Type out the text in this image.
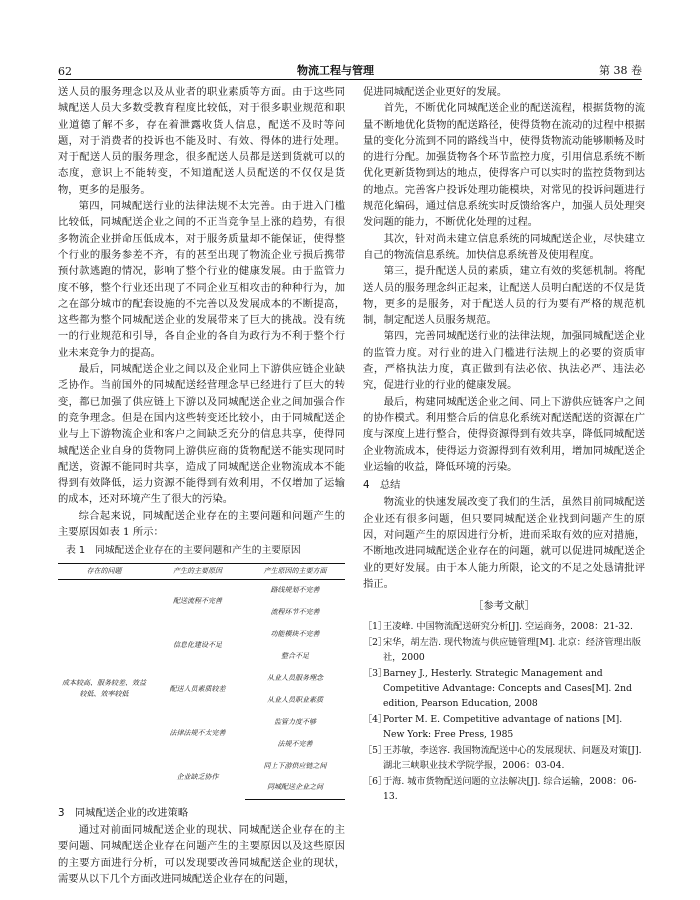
62	物流工程与管理	第 38 卷

送人员的服务理念以及从业者的职业素质等方面。由于这些同城配送人员大多数受教育程度比较低，对于很多职业规范和职业道德了解不多，存在着泄露收货人信息，配送不及时等问题，对于消费者的投诉也不能及时、有效、得体的进行处理。对于配送人员的服务理念，很多配送人员都是送到货就可以的态度，意识上不能转变，不知道配送人员配送的不仅仅是货物，更多的是服务。

第四，同城配送行业的法律法规不太完善。由于进入门槛比较低，同城配送企业之间的不正当竞争呈上涨的趋势，有很多物流企业拼命压低成本，对于服务质量却不能保证，使得整个行业的服务参差不齐，有的甚至出现了物流企业亏损后携带预付款逃跑的情况，影响了整个行业的健康发展。由于监管力度不够，整个行业还出现了不同企业互相攻击的种种行为，加之在部分城市的配套设施的不完善以及发展成本的不断提高，这些都为整个同城配送企业的发展带来了巨大的挑战。没有统一的行业规范和引导，各自企业的各自为政行为不利于整个行业未来竞争力的提高。

最后，同城配送企业之间以及企业同上下游供应链企业缺乏协作。当前国外的同城配送经营理念早已经进行了巨大的转变，都已加强了供应链上下游以及同城配送企业之间加强合作的竞争理念。但是在国内这些转变还比较小，由于同城配送企业与上下游物流企业和客户之间缺乏充分的信息共享，使得同城配送企业自身的货物同上游供应商的货物配送不能实现同时配送，资源不能同时共享，造成了同城配送企业物流成本不能得到有效降低，运力资源不能得到有效利用，不仅增加了运输的成本，还对环境产生了很大的污染。

综合起来说，同城配送企业存在的主要问题和问题产生的主要原因如表 1 所示：

表 1　同城配送企业存在的主要问题和产生的主要原因
存在的问题	产生的主要原因	产生原因的主要方面
成本较高、服务较差、效益较低、效率较低	配送流程不完善	路线规划不完善
		流程环节不完善
	信息化建设不足	功能模块不完善
		整合不足
	配送人员素质较差	从业人员服务理念
		从业人员职业素质
	法律法规不太完善	监管力度不够
		法规不完善
	企业缺乏协作	同上下游供应链之间
		同城配送企业之间
3　同城配送企业的改进策略

通过对前面同城配送企业的现状、同城配送企业存在的主要问题、同城配送企业存在问题产生的主要原因以及这些原因的主要方面进行分析，可以发现要改善同城配送企业的现状，需要从以下几个方面改进同城配送企业存在的问题，

促进同城配送企业更好的发展。

首先，不断优化同城配送企业的配送流程，根据货物的流量不断地优化货物的配送路径，使得货物在流动的过程中根据量的变化分流到不同的路线当中，使得货物流动能够顺畅及时的进行分配。加强货物各个环节监控力度，引用信息系统不断优化更新货物到达的地点，使得客户可以实时的监控货物到达的地点。完善客户投诉处理功能模块，对常见的投诉问题进行规范化编码，通过信息系统实时反馈给客户，加强人员处理突发问题的能力，不断优化处理的过程。

其次，针对尚未建立信息系统的同城配送企业，尽快建立自己的物流信息系统。加快信息系统普及使用程度。

第三，提升配送人员的素质，建立有效的奖惩机制。将配送人员的服务理念纠正起来，让配送人员明白配送的不仅是货物，更多的是服务，对于配送人员的行为要有严格的规范机制，制定配送人员服务规范。

第四，完善同城配送行业的法律法规，加强同城配送企业的监管力度。对行业的进入门槛进行法规上的必要的资质审查，严格执法力度，真正做到有法必依、执法必严、违法必究，促进行业的行业的健康发展。

最后，构建同城配送企业之间、同上下游供应链客户之间的协作模式。利用整合后的信息化系统对配送配送的资源在广度与深度上进行整合，使得资源得到有效共享，降低同城配送企业物流成本，使得运力资源得到有效利用，增加同城配送企业运输的收益，降低环境的污染。

4　总结

物流业的快速发展改变了我们的生活，虽然目前同城配送企业还有很多问题，但只要同城配送企业找到问题产生的原因，对问题产生的原因进行分析，进而采取有效的应对措施，不断地改进同城配送企业存在的问题，就可以促进同城配送企业的更好发展。由于本人能力所限，论文的不足之处恳请批评指正。

［参考文献］
［1］
王凌峰. 中国物流配送研究分析[J]. 空运商务，2008：21-32.
［2］
宋华，胡左浩. 现代物流与供应链管理[M]. 北京：经济管理出版社，2000
［3］
Barney J., Hesterly. Strategic Management and Competitive Advantage: Concepts and Cases[M]. 2nd edition, Pearson Education, 2008
［4］
Porter M. E. Competitive advantage of nations [M]. New York: Free Press, 1985
［5］
王苏敏，李送容. 我国物流配送中心的发展现状、问题及对策[J]. 湖北三峡职业技术学院学报，2006：03-04.
［6］
于海. 城市货物配送问题的立法解决[J]. 综合运输，2008：06-13.
